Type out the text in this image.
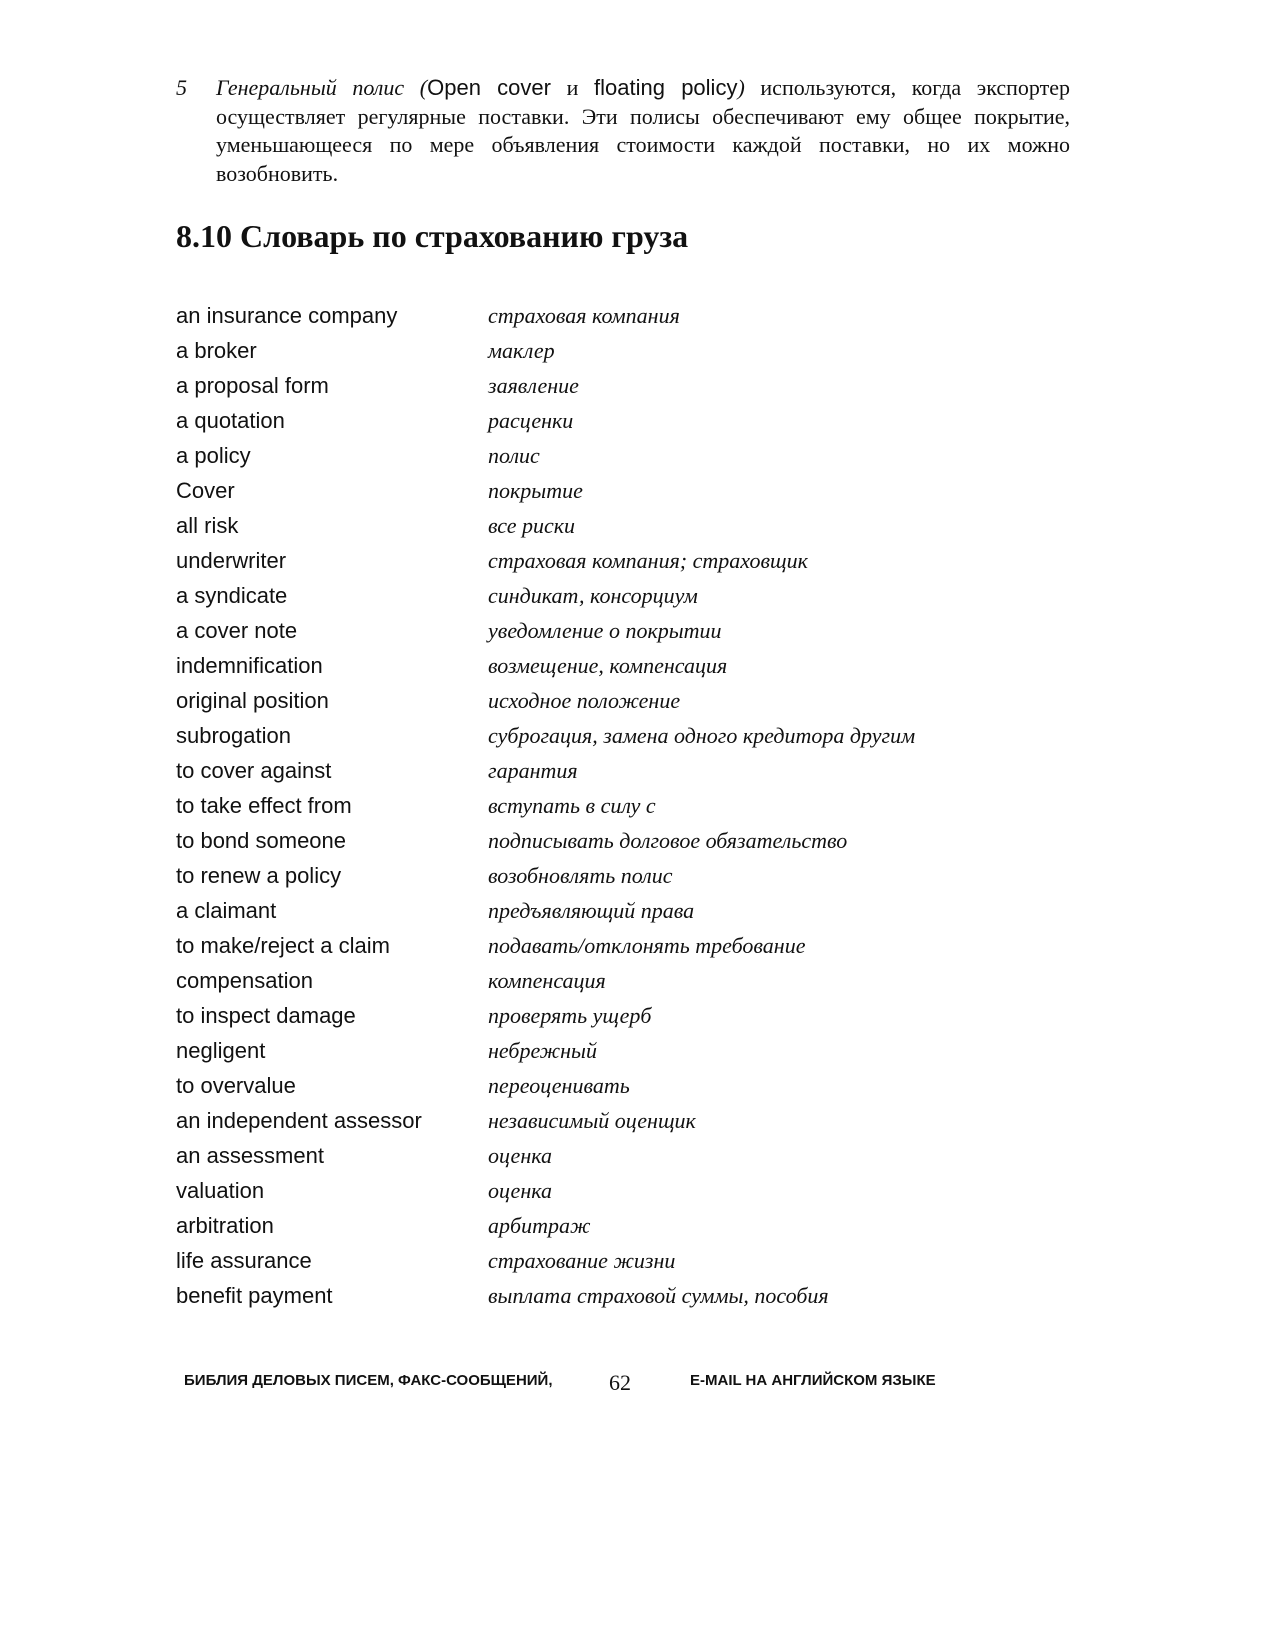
5 Генеральный полис (Open cover и floating policy) используются, когда экспортер осуществляет регулярные поставки. Эти полисы обеспечивают ему общее покрытие, уменьшающееся по мере объявления стоимости каждой поставки, но их можно возобновить.
8.10 Словарь по страхованию груза
an insurance company	страховая компания
a broker	маклер
a proposal form	заявление
a quotation	расценки
a policy	полис
Cover	покрытие
all risk	все риски
underwriter	страховая компания; страховщик
a syndicate	синдикат, консорциум
a cover note	уведомление о покрытии
indemnification	возмещение, компенсация
original position	исходное положение
subrogation	суброгация, замена одного кредитора другим
to cover against	гарантия
to take effect from	вступать в силу с
to bond someone	подписывать долговое обязательство
to renew a policy	возобновлять полис
a claimant	предъявляющий права
to make/reject a claim	подавать/отклонять требование
compensation	компенсация
to inspect damage	проверять ущерб
negligent	небрежный
to overvalue	переоценивать
an independent assessor	независимый оценщик
an assessment	оценка
valuation	оценка
arbitration	арбитраж
life assurance	страхование жизни
benefit payment	выплата страховой суммы, пособия
БИБЛИЯ ДЕЛОВЫХ ПИСЕМ, ФАКС-СООБЩЕНИЙ,	62	E-MAIL НА АНГЛИЙСКОМ ЯЗЫКЕ
